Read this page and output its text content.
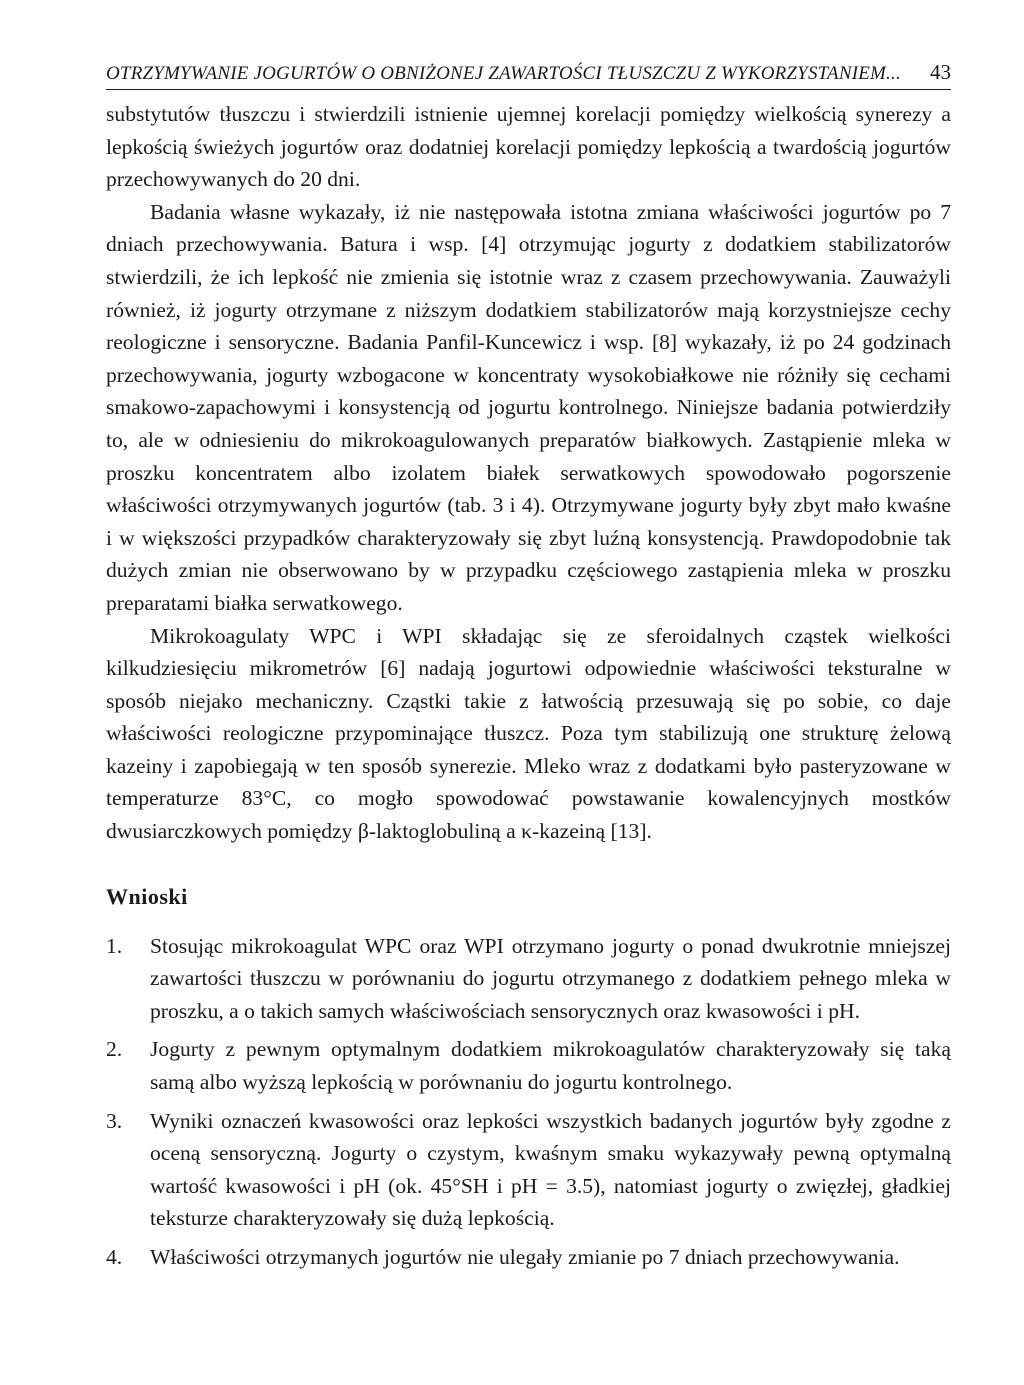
OTRZYMYWANIE JOGURTÓW O OBNIŻONEJ ZAWARTOŚCI TŁUSZCZU Z WYKORZYSTANIEM... 43

substytutów tłuszczu i stwierdzili istnienie ujemnej korelacji pomiędzy wielkością synerezy a lepkością świeżych jogurtów oraz dodatniej korelacji pomiędzy lepkością a twardością jogurtów przechowywanych do 20 dni.

Badania własne wykazały, iż nie następowała istotna zmiana właściwości jogurtów po 7 dniach przechowywania. Batura i wsp. [4] otrzymując jogurty z dodatkiem stabilizatorów stwierdzili, że ich lepkość nie zmienia się istotnie wraz z czasem przechowywania. Zauważyli również, iż jogurty otrzymane z niższym dodatkiem stabilizatorów mają korzystniejsze cechy reologiczne i sensoryczne. Badania Panfil-Kuncewicz i wsp. [8] wykazały, iż po 24 godzinach przechowywania, jogurty wzbogacone w koncentraty wysokobiałkowe nie różniły się cechami smakowo-zapachowymi i konsystencją od jogurtu kontrolnego. Niniejsze badania potwierdziły to, ale w odniesieniu do mikrokoagulowanych preparatów białkowych. Zastąpienie mleka w proszku koncentratem albo izolatem białek serwatkowych spowodowało pogorszenie właściwości otrzymywanych jogurtów (tab. 3 i 4). Otrzymywane jogurty były zbyt mało kwaśne i w większości przypadków charakteryzowały się zbyt luźną konsystencją. Prawdopodobnie tak dużych zmian nie obserwowano by w przypadku częściowego zastąpienia mleka w proszku preparatami białka serwatkowego.

Mikrokoagulaty WPC i WPI składając się ze sferoidalnych cząstek wielkości kilkudziesięciu mikrometrów [6] nadają jogurtowi odpowiednie właściwości teksturalne w sposób niejako mechaniczny. Cząstki takie z łatwością przesuwają się po sobie, co daje właściwości reologiczne przypominające tłuszcz. Poza tym stabilizują one strukturę żelową kazeiny i zapobiegają w ten sposób synerezie. Mleko wraz z dodatkami było pasteryzowane w temperaturze 83°C, co mogło spowodować powstawanie kowalencyjnych mostków dwusiarczkowych pomiędzy β-laktoglobuliną a κ-kazeiną [13].

Wnioski
1.	Stosując mikrokoagulat WPC oraz WPI otrzymano jogurty o ponad dwukrotnie mniejszej zawartości tłuszczu w porównaniu do jogurtu otrzymanego z dodatkiem pełnego mleka w proszku, a o takich samych właściwościach sensorycznych oraz kwasowości i pH.
2.	Jogurty z pewnym optymalnym dodatkiem mikrokoagulatów charakteryzowały się taką samą albo wyższą lepkością w porównaniu do jogurtu kontrolnego.
3.	Wyniki oznaczeń kwasowości oraz lepkości wszystkich badanych jogurtów były zgodne z oceną sensoryczną. Jogurty o czystym, kwaśnym smaku wykazywały pewną optymalną wartość kwasowości i pH (ok. 45°SH i pH = 3.5), natomiast jogurty o zwięzłej, gładkiej teksturze charakteryzowały się dużą lepkością.
4.	Właściwości otrzymanych jogurtów nie ulegały zmianie po 7 dniach przechowywania.
